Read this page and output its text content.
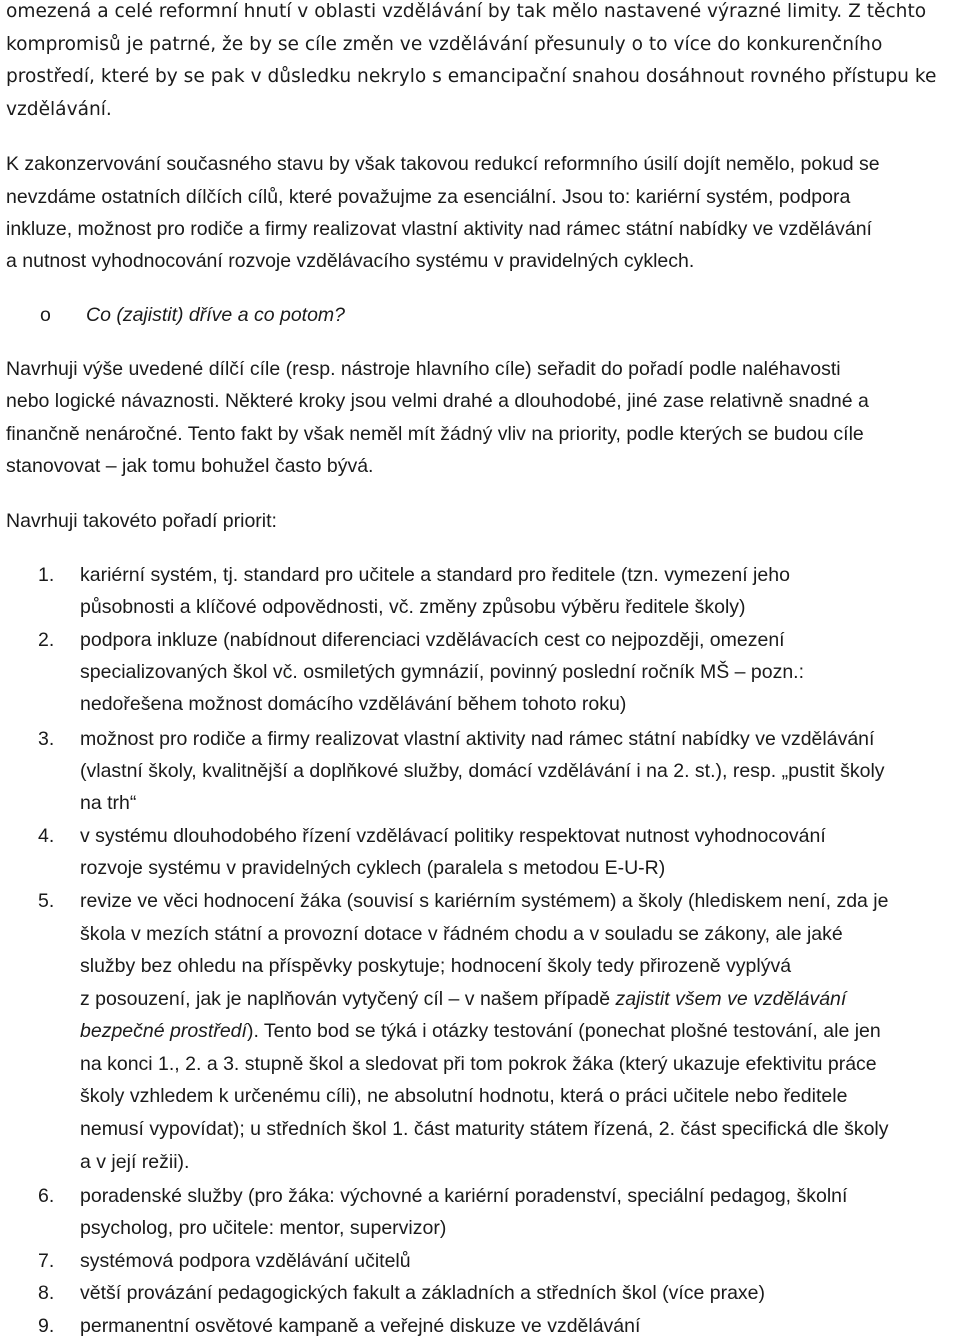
omezená a celé reformní hnutí v oblasti vzdělávání by tak mělo nastavené výrazné limity. Z těchto
kompromisů je patrné, že by se cíle změn ve vzdělávání přesunuly o to více do konkurenčního
prostředí, které by se pak v důsledku nekrylo s emancipační snahou dosáhnout rovného přístupu ke
vzdělávání.
K zakonzervování současného stavu by však takovou redukcí reformního úsilí dojít nemělo, pokud se
nevzdáme ostatních dílčích cílů, které považujme za esenciální. Jsou to: kariérní systém, podpora
inkluze, možnost pro rodiče a firmy realizovat vlastní aktivity nad rámec státní nabídky ve vzdělávání
a nutnost vyhodnocování rozvoje vzdělávacího systému v pravidelných cyklech.
o Co (zajistit) dříve a co potom?
Navrhuji výše uvedené dílčí cíle (resp. nástroje hlavního cíle) seřadit do pořadí podle naléhavosti
nebo logické návaznosti. Některé kroky jsou velmi drahé a dlouhodobé, jiné zase relativně snadné a
finančně nenáročné. Tento fakt by však neměl mít žádný vliv na priority, podle kterých se budou cíle
stanovovat – jak tomu bohužel často bývá.
Navrhuji takovéto pořadí priorit:
1. kariérní systém, tj. standard pro učitele a standard pro ředitele (tzn. vymezení jeho
působnosti a klíčové odpovědnosti, vč. změny způsobu výběru ředitele školy)
2. podpora inkluze (nabídnout diferenciaci vzdělávacích cest co nejpozději, omezení
specializovaných škol vč. osmiletých gymnázií, povinný poslední ročník MŠ – pozn.:
nedořešena možnost domácího vzdělávání během tohoto roku)
3. možnost pro rodiče a firmy realizovat vlastní aktivity nad rámec státní nabídky ve vzdělávání
(vlastní školy, kvalitnější a doplňkové služby, domácí vzdělávání i na 2. st.), resp. „pustit školy
na trh“
4. v systému dlouhodobého řízení vzdělávací politiky respektovat nutnost vyhodnocování
rozvoje systému v pravidelných cyklech (paralela s metodou E-U-R)
5. revize ve věci hodnocení žáka (souvisí s kariérním systémem) a školy (hlediskem není, zda je
škola v mezích státní a provozní dotace v řádném chodu a v souladu se zákony, ale jaké
služby bez ohledu na příspěvky poskytuje; hodnocení školy tedy přirozeně vyplývá
z posouzení, jak je naplňován vytyčený cíl – v našem případě zajistit všem ve vzdělávání
bezpečné prostředí). Tento bod se týká i otázky testování (ponechat plošné testování, ale jen
na konci 1., 2. a 3. stupně škol a sledovat při tom pokrok žáka (který ukazuje efektivitu práce
školy vzhledem k určenému cíli), ne absolutní hodnotu, která o práci učitele nebo ředitele
nemusí vypovídat); u středních škol 1. část maturity státem řízená, 2. část specifická dle školy
a v její režii).
6. poradenské služby (pro žáka: výchovné a kariérní poradenství, speciální pedagog, školní
psycholog, pro učitele: mentor, supervizor)
7. systémová podpora vzdělávání učitelů
8. větší provázání pedagogických fakult a základních a středních škol (více praxe)
9. permanentní osvětové kampaně a veřejné diskuze ve vzdělávání
